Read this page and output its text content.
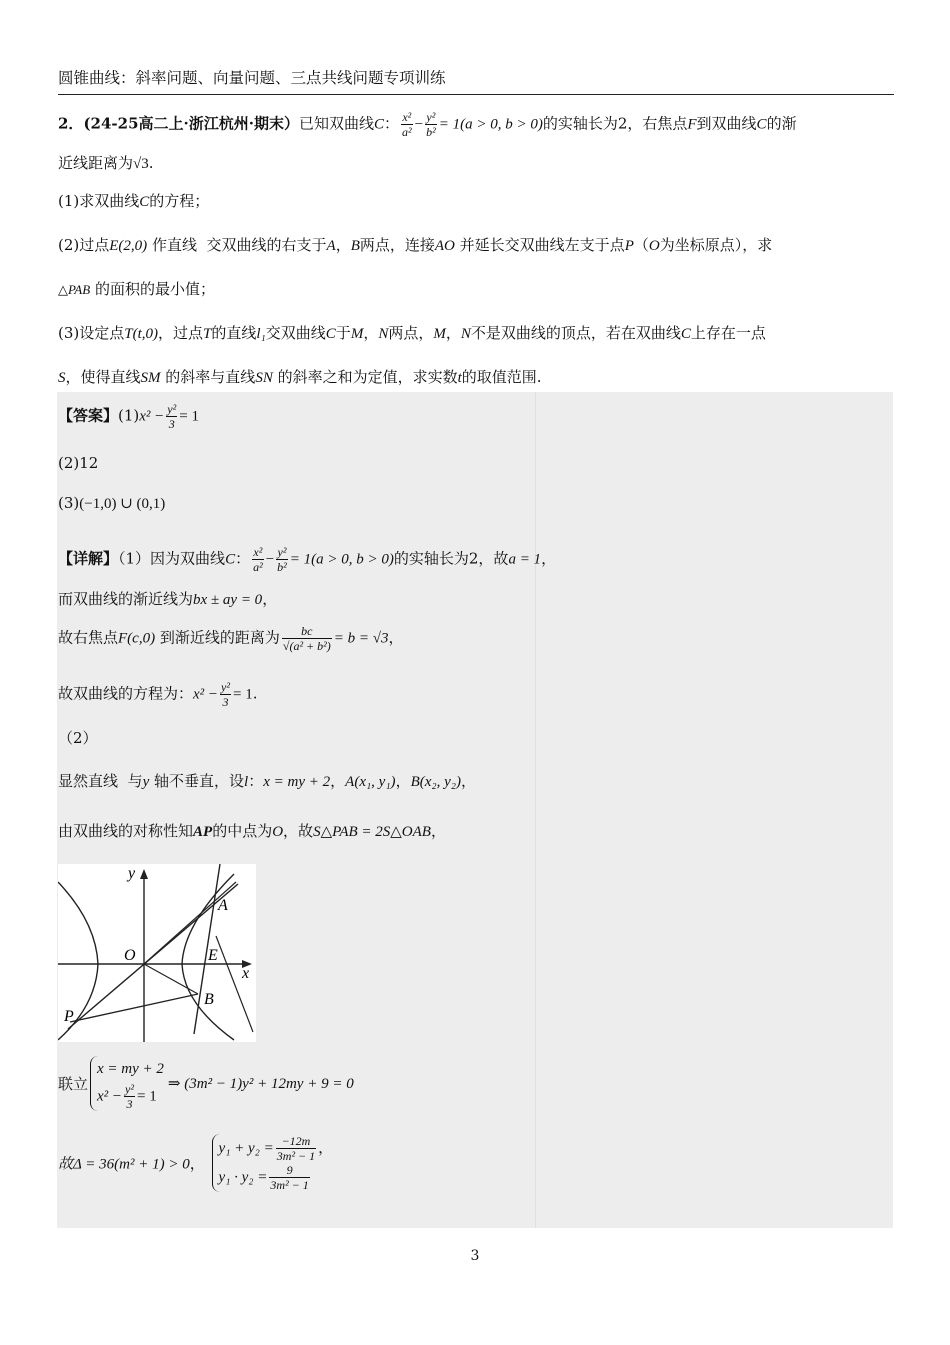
圆锥曲线：斜率问题、向量问题、三点共线问题专项训练
2．(24-25高二上·浙江杭州·期末）已知双曲线C： $\frac{\text{x²}}{\text{a²}} - \frac{\text{y²}}{\text{b²}} = 1(a > 0$, b > 0)的实轴长为2，右焦点F到双曲线C的渐
近线距离为√3.
(1)求双曲线C的方程；
(2)过点E(2,0) 作直线 交双曲线的右支于A，B两点，连接AO 并延长交双曲线左支于点P（O为坐标原点），求
△PAB 的面积的最小值；
(3)设定点T(t,0)，过点T的直线l₁交双曲线C于M，N两点，M，N不是双曲线的顶点，若在双曲线C上存在一点
S，使得直线SM 的斜率与直线SN 的斜率之和为定值，求实数t的取值范围.
【答案】$(1)x^2 - \frac{\text{y²}}{3} = 1$
(2)12
(3)(−1,0) ∪ (0,1)
【详解】（1）因为双曲线C： $\frac{\text{x²}}{\text{a²}} - \frac{\text{y²}}{\text{b²}} = 1(a > 0$, b > 0)的实轴长为2，故a = 1，
而双曲线的渐近线为bx ± ay = 0，
故右焦点F(c,0) 到渐近线的距离为 $\frac{bc}{\text{√(a² + b²)}} = b = √3$，
故双曲线的方程为：$x^2 - \frac{\text{y²}}{3} = 1$.
（2）
显然直线 与y 轴不垂直，设l：x = my + 2，A(x₁, y₁)，B(x₂, y₂)，
由双曲线的对称性知AP的中点为O，故S△PAB = 2S△OAB，
y
x
O	E
A
B
P
联立
x = my + 2
$x^2 - \frac{\text{y²}}{3} = 1$
⇒ (3m² − 1)y² + 12my + 9 = 0
故Δ = 36(m² + 1) > 0，
$y_1 + y_2 = \frac{-12m}{\text{3m² − 1}}$ ，
$y_1 \cdot y_2 = \frac{9}{\text{3m² − 1}}$
3
